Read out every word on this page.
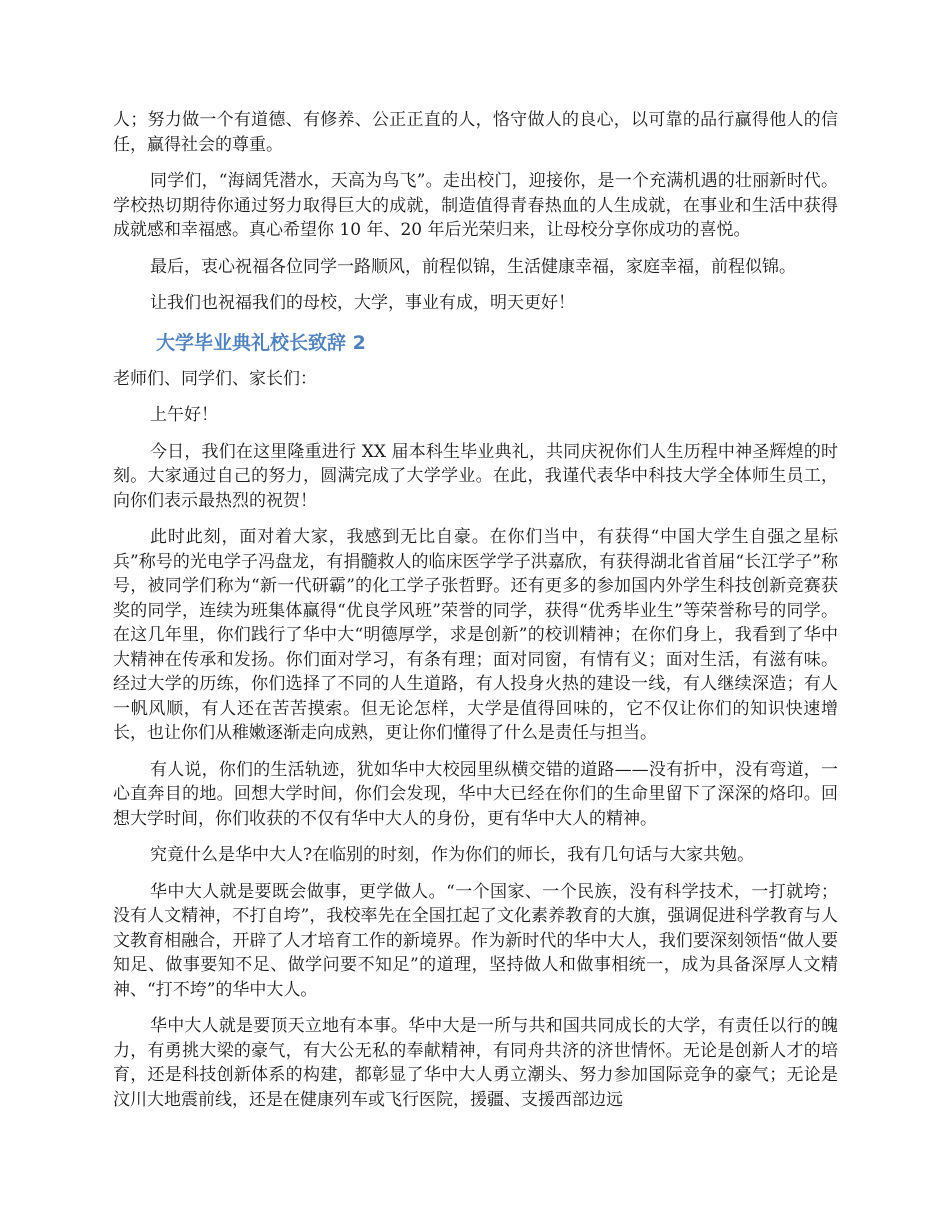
人；努力做一个有道德、有修养、公正正直的人，恪守做人的良心，以可靠的品行赢得他人的信任，赢得社会的尊重。

同学们，“海阔凭潜水，天高为鸟飞”。走出校门，迎接你，是一个充满机遇的壮丽新时代。学校热切期待你通过努力取得巨大的成就，制造值得青春热血的人生成就，在事业和生活中获得成就感和幸福感。真心希望你 10 年、20 年后光荣归来，让母校分享你成功的喜悦。

最后，衷心祝福各位同学一路顺风，前程似锦，生活健康幸福，家庭幸福，前程似锦。

让我们也祝福我们的母校，大学，事业有成，明天更好！

大学毕业典礼校长致辞 2

老师们、同学们、家长们：

上午好！

今日，我们在这里隆重进行 XX 届本科生毕业典礼，共同庆祝你们人生历程中神圣辉煌的时刻。大家通过自己的努力，圆满完成了大学学业。在此，我谨代表华中科技大学全体师生员工，向你们表示最热烈的祝贺！

此时此刻，面对着大家，我感到无比自豪。在你们当中，有获得“中国大学生自强之星标兵”称号的光电学子冯盘龙，有捐髓救人的临床医学学子洪嘉欣，有获得湖北省首届“长江学子”称号，被同学们称为“新一代研霸”的化工学子张哲野。还有更多的参加国内外学生科技创新竞赛获奖的同学，连续为班集体赢得“优良学风班”荣誉的同学，获得“优秀毕业生”等荣誉称号的同学。在这几年里，你们践行了华中大“明德厚学，求是创新”的校训精神；在你们身上，我看到了华中大精神在传承和发扬。你们面对学习，有条有理；面对同窗，有情有义；面对生活，有滋有味。经过大学的历练，你们选择了不同的人生道路，有人投身火热的建设一线，有人继续深造；有人一帆风顺，有人还在苦苦摸索。但无论怎样，大学是值得回味的，它不仅让你们的知识快速增长，也让你们从稚嫩逐渐走向成熟，更让你们懂得了什么是责任与担当。

有人说，你们的生活轨迹，犹如华中大校园里纵横交错的道路——没有折中，没有弯道，一心直奔目的地。回想大学时间，你们会发现，华中大已经在你们的生命里留下了深深的烙印。回想大学时间，你们收获的不仅有华中大人的身份，更有华中大人的精神。

究竟什么是华中大人?在临别的时刻，作为你们的师长，我有几句话与大家共勉。

华中大人就是要既会做事，更学做人。“一个国家、一个民族，没有科学技术，一打就垮；没有人文精神，不打自垮”，我校率先在全国扛起了文化素养教育的大旗，强调促进科学教育与人文教育相融合，开辟了人才培育工作的新境界。作为新时代的华中大人，我们要深刻领悟“做人要知足、做事要知不足、做学问要不知足”的道理，坚持做人和做事相统一，成为具备深厚人文精神、“打不垮”的华中大人。

华中大人就是要顶天立地有本事。华中大是一所与共和国共同成长的大学，有责任以行的魄力，有勇挑大梁的豪气，有大公无私的奉献精神，有同舟共济的济世情怀。无论是创新人才的培育，还是科技创新体系的构建，都彰显了华中大人勇立潮头、努力参加国际竞争的豪气；无论是汶川大地震前线，还是在健康列车或飞行医院，援疆、支援西部边远
